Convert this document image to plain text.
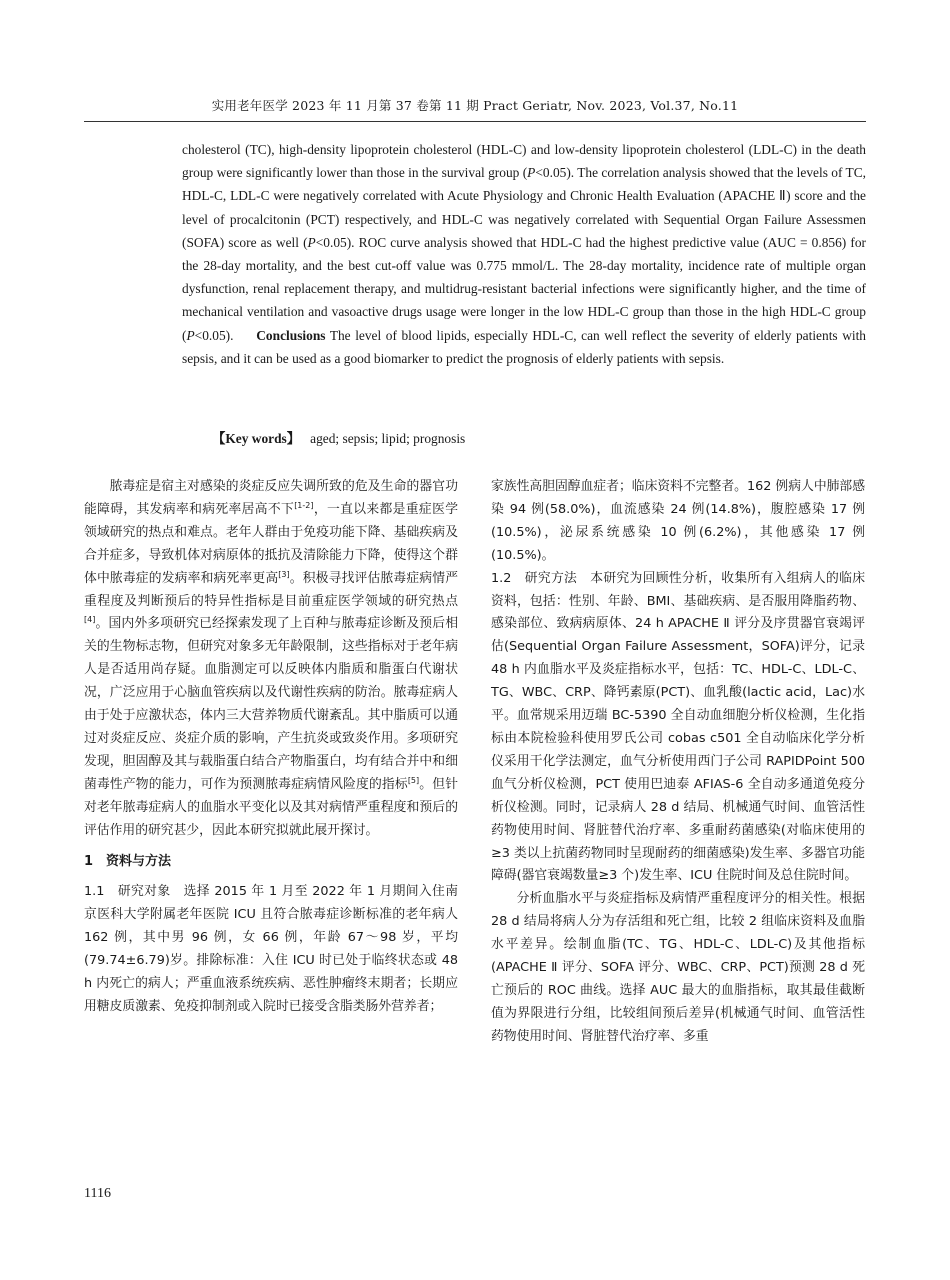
实用老年医学 2023 年 11 月第 37 卷第 11 期 Pract Geriatr, Nov. 2023, Vol.37, No.11

cholesterol (TC), high-density lipoprotein cholesterol (HDL-C) and low-density lipoprotein cholesterol (LDL-C) in the death group were significantly lower than those in the survival group (P<0.05). The correlation analysis showed that the levels of TC, HDL-C, LDL-C were negatively correlated with Acute Physiology and Chronic Health Evaluation (APACHE Ⅱ) score and the level of procalcitonin (PCT) respectively, and HDL-C was negatively correlated with Sequential Organ Failure Assessmen (SOFA) score as well (P<0.05). ROC curve analysis showed that HDL-C had the highest predictive value (AUC = 0.856) for the 28-day mortality, and the best cut-off value was 0.775 mmol/L. The 28-day mortality, incidence rate of multiple organ dysfunction, renal replacement therapy, and multidrug-resistant bacterial infections were significantly higher, and the time of mechanical ventilation and vasoactive drugs usage were longer in the low HDL-C group than those in the high HDL-C group (P<0.05). Conclusions The level of blood lipids, especially HDL-C, can well reflect the severity of elderly patients with sepsis, and it can be used as a good biomarker to predict the prognosis of elderly patients with sepsis.

【Key words】 aged; sepsis; lipid; prognosis

脓毒症是宿主对感染的炎症反应失调所致的危及生命的器官功能障碍，其发病率和病死率居高不下[1-2]，一直以来都是重症医学领域研究的热点和难点。老年人群由于免疫功能下降、基础疾病及合并症多，导致机体对病原体的抵抗及清除能力下降，使得这个群体中脓毒症的发病率和病死率更高[3]。积极寻找评估脓毒症病情严重程度及判断预后的特异性指标是目前重症医学领域的研究热点[4]。国内外多项研究已经探索发现了上百种与脓毒症诊断及预后相关的生物标志物，但研究对象多无年龄限制，这些指标对于老年病人是否适用尚存疑。血脂测定可以反映体内脂质和脂蛋白代谢状况，广泛应用于心脑血管疾病以及代谢性疾病的防治。脓毒症病人由于处于应激状态，体内三大营养物质代谢紊乱。其中脂质可以通过对炎症反应、炎症介质的影响，产生抗炎或致炎作用。多项研究发现，胆固醇及其与载脂蛋白结合产物脂蛋白，均有结合并中和细菌毒性产物的能力，可作为预测脓毒症病情风险度的指标[5]。但针对老年脓毒症病人的血脂水平变化以及其对病情严重程度和预后的评估作用的研究甚少，因此本研究拟就此展开探讨。

1　资料与方法

1.1　研究对象　选择 2015 年 1 月至 2022 年 1 月期间入住南京医科大学附属老年医院 ICU 且符合脓毒症诊断标准的老年病人 162 例，其中男 96 例，女 66 例，年龄 67～98 岁，平均(79.74±6.79)岁。排除标准：入住 ICU 时已处于临终状态或 48 h 内死亡的病人；严重血液系统疾病、恶性肿瘤终末期者；长期应用糖皮质激素、免疫抑制剂或入院时已接受含脂类肠外营养者；

家族性高胆固醇血症者；临床资料不完整者。162 例病人中肺部感染 94 例(58.0%)，血流感染 24 例(14.8%)，腹腔感染 17 例(10.5%)，泌尿系统感染 10 例(6.2%)，其他感染 17 例(10.5%)。

1.2　研究方法　本研究为回顾性分析，收集所有入组病人的临床资料，包括：性别、年龄、BMI、基础疾病、是否服用降脂药物、感染部位、致病病原体、24 h APACHE Ⅱ 评分及序贯器官衰竭评估(Sequential Organ Failure Assessment，SOFA)评分，记录 48 h 内血脂水平及炎症指标水平，包括：TC、HDL-C、LDL-C、TG、WBC、CRP、降钙素原(PCT)、血乳酸(lactic acid，Lac)水平。血常规采用迈瑞 BC-5390 全自动血细胞分析仪检测，生化指标由本院检验科使用罗氏公司 cobas c501 全自动临床化学分析仪采用干化学法测定，血气分析使用西门子公司 RAPIDPoint 500 血气分析仪检测，PCT 使用巴迪泰 AFIAS-6 全自动多通道免疫分析仪检测。同时，记录病人 28 d 结局、机械通气时间、血管活性药物使用时间、肾脏替代治疗率、多重耐药菌感染(对临床使用的≥3 类以上抗菌药物同时呈现耐药的细菌感染)发生率、多器官功能障碍(器官衰竭数量≥3 个)发生率、ICU 住院时间及总住院时间。

分析血脂水平与炎症指标及病情严重程度评分的相关性。根据 28 d 结局将病人分为存活组和死亡组，比较 2 组临床资料及血脂水平差异。绘制血脂(TC、TG、HDL-C、LDL-C)及其他指标(APACHE Ⅱ 评分、SOFA 评分、WBC、CRP、PCT)预测 28 d 死亡预后的 ROC 曲线。选择 AUC 最大的血脂指标，取其最佳截断值为界限进行分组，比较组间预后差异(机械通气时间、血管活性药物使用时间、肾脏替代治疗率、多重

1116
